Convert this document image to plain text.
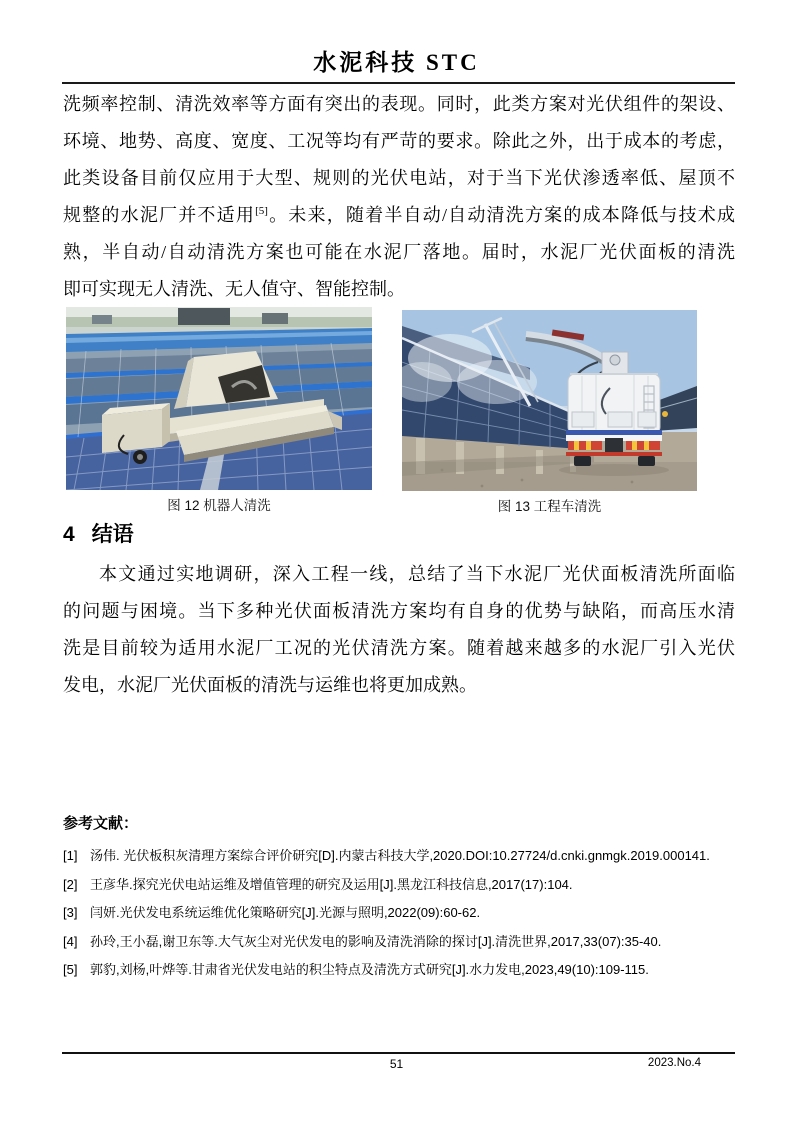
水泥科技 STC
洗频率控制、清洗效率等方面有突出的表现。同时，此类方案对光伏组件的架设、
环境、地势、高度、宽度、工况等均有严苛的要求。除此之外，出于成本的考虑，
此类设备目前仅应用于大型、规则的光伏电站，对于当下光伏渗透率低、屋顶不
规整的水泥厂并不适用[5]。未来，随着半自动/自动清洗方案的成本降低与技术成
熟，半自动/自动清洗方案也可能在水泥厂落地。届时，水泥厂光伏面板的清洗
即可实现无人清洗、无人值守、智能控制。
图 12 机器人清洗	图 13 工程车清洗
4 结语
本文通过实地调研，深入工程一线，总结了当下水泥厂光伏面板清洗所面临
的问题与困境。当下多种光伏面板清洗方案均有自身的优势与缺陷，而高压水清
洗是目前较为适用水泥厂工况的光伏清洗方案。随着越来越多的水泥厂引入光伏
发电，水泥厂光伏面板的清洗与运维也将更加成熟。
参考文献：
[1] 汤伟. 光伏板积灰清理方案综合评价研究[D].内蒙古科技大学,2020.DOI:10.27724/d.cnki.gnmgk.2019.000141.
[2] 王彦华.探究光伏电站运维及增值管理的研究及运用[J].黑龙江科技信息,2017(17):104.
[3] 闫妍.光伏发电系统运维优化策略研究[J].光源与照明,2022(09):60-62.
[4] 孙玲,王小磊,谢卫东等.大气灰尘对光伏发电的影响及清洗消除的探讨[J].清洗世界,2017,33(07):35-40.
[5] 郭豹,刘杨,叶烨等.甘肃省光伏发电站的积尘特点及清洗方式研究[J].水力发电,2023,49(10):109-115.
51	2023.No.4
